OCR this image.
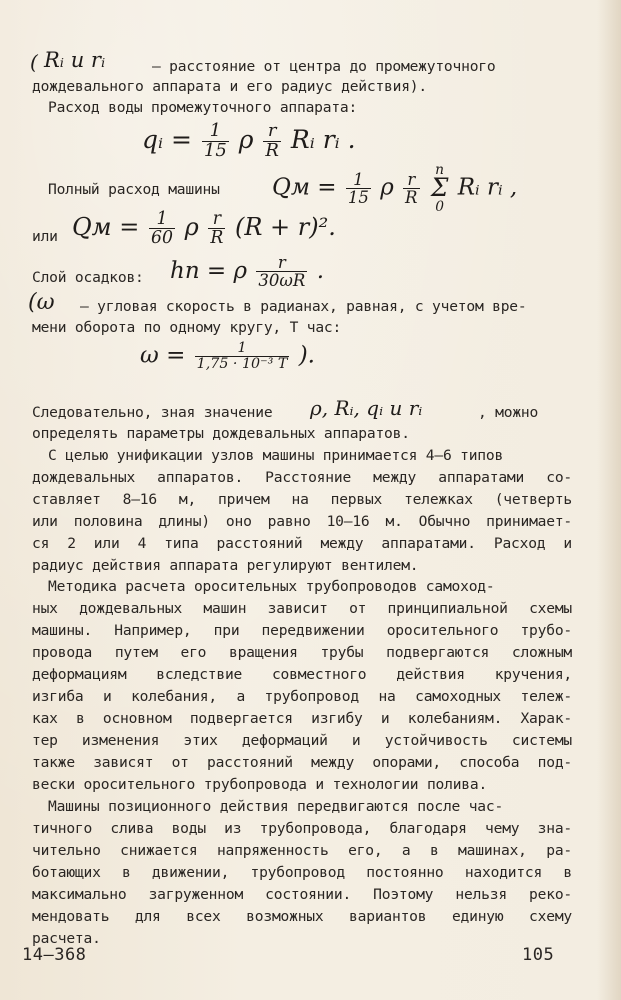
( Rᵢ и rᵢ	– расстояние от центра до промежуточного
дождевального аппарата и его радиус действия).
Расход воды промежуточного аппарата:
qᵢ = $\frac{1}{15}$ ρ $\frac{r}{R}$ Rᵢ rᵢ .
Полный расход машины Qм = $\frac{1}{15}$ ρ $\frac{r}{R}$

n
Σ
0
Rᵢ rᵢ ,
или Qм = $\frac{1}{60}$ ρ $\frac{r}{R} (R + r)^2$.
Слой осадков: hп = ρ $\frac{r}{30\omega R}$ .
(ω – угловая скорость в радианах, равная, с учетом вре-
мени оборота по одному кругу, Т час:
$\omega = \frac{1}{\text{1,75 · 10⁻³ T}}$ ).
Следовательно, зная значение ρ, Rᵢ, qᵢ и rᵢ	, можно
определять параметры дождевальных аппаратов.
С целью унификации узлов машины принимается 4–6 типов
дождевальных аппаратов. Расстояние между аппаратами со-
ставляет 8–16 м, причем на первых тележках (четверть
или половина длины) оно равно 10–16 м. Обычно принимает-
ся 2 или 4 типа расстояний между аппаратами. Расход и
радиус действия аппарата регулируют вентилем.
Методика расчета оросительных трубопроводов самоход-
ных дождевальных машин зависит от принципиальной схемы
машины. Например, при передвижении оросительного трубо-
провода путем его вращения трубы подвергаются сложным
деформациям вследствие совместного действия кручения,
изгиба и колебания, а трубопровод на самоходных тележ-
ках в основном подвергается изгибу и колебаниям. Харак-
тер изменения этих деформаций и устойчивость системы
также зависят от расстояний между опорами, способа под-
вески оросительного трубопровода и технологии полива.
Машины позиционного действия передвигаются после час-
тичного слива воды из трубопровода, благодаря чему зна-
чительно снижается напряженность его, а в машинах, ра-
ботающих в движении, трубопровод постоянно находится в
максимально загруженном состоянии. Поэтому нельзя реко-
мендовать для всех возможных вариантов единую схему
расчета.
14–368	105
